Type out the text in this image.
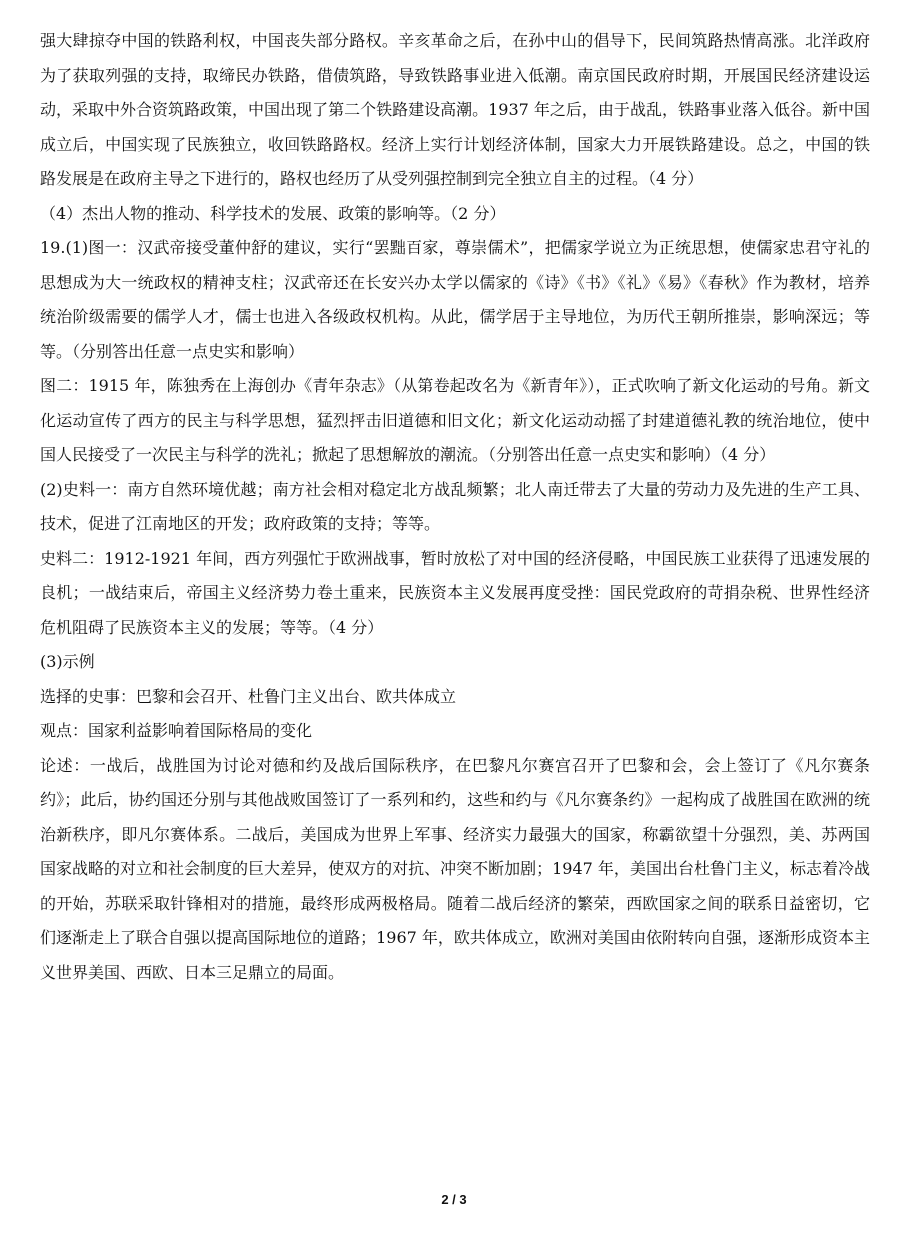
强大肆掠夺中国的铁路利权，中国丧失部分路权。辛亥革命之后，在孙中山的倡导下，民间筑路热情高涨。北洋政府为了获取列强的支持，取缔民办铁路，借债筑路，导致铁路事业进入低潮。南京国民政府时期，开展国民经济建设运动，采取中外合资筑路政策，中国出现了第二个铁路建设高潮。1937 年之后，由于战乱，铁路事业落入低谷。新中国成立后，中国实现了民族独立，收回铁路路权。经济上实行计划经济体制，国家大力开展铁路建设。总之，中国的铁路发展是在政府主导之下进行的，路权也经历了从受列强控制到完全独立自主的过程。（4 分）

（4）杰出人物的推动、科学技术的发展、政策的影响等。（2 分）

19.(1)图一：汉武帝接受董仲舒的建议，实行“罢黜百家，尊崇儒术”，把儒家学说立为正统思想，使儒家忠君守礼的思想成为大一统政权的精神支柱；汉武帝还在长安兴办太学以儒家的《诗》《书》《礼》《易》《春秋》作为教材，培养统治阶级需要的儒学人才，儒士也进入各级政权机构。从此，儒学居于主导地位，为历代王朝所推崇，影响深远；等等。（分别答出任意一点史实和影响）

图二：1915 年，陈独秀在上海创办《青年杂志》（从第卷起改名为《新青年》），正式吹响了新文化运动的号角。新文化运动宣传了西方的民主与科学思想，猛烈抨击旧道德和旧文化；新文化运动动摇了封建道德礼教的统治地位，使中国人民接受了一次民主与科学的洗礼；掀起了思想解放的潮流。（分别答出任意一点史实和影响）（4 分）

(2)史料一：南方自然环境优越；南方社会相对稳定北方战乱频繁；北人南迁带去了大量的劳动力及先进的生产工具、技术，促进了江南地区的开发；政府政策的支持；等等。

史料二：1912-1921 年间，西方列强忙于欧洲战事，暂时放松了对中国的经济侵略，中国民族工业获得了迅速发展的良机；一战结束后，帝国主义经济势力卷土重来，民族资本主义发展再度受挫：国民党政府的苛捐杂税、世界性经济危机阻碍了民族资本主义的发展；等等。（4 分）

(3)示例

选择的史事：巴黎和会召开、杜鲁门主义出台、欧共体成立

观点：国家利益影响着国际格局的变化

论述：一战后，战胜国为讨论对德和约及战后国际秩序，在巴黎凡尔赛宫召开了巴黎和会，会上签订了《凡尔赛条约》；此后，协约国还分别与其他战败国签订了一系列和约，这些和约与《凡尔赛条约》一起构成了战胜国在欧洲的统治新秩序，即凡尔赛体系。二战后，美国成为世界上军事、经济实力最强大的国家，称霸欲望十分强烈，美、苏两国国家战略的对立和社会制度的巨大差异，使双方的对抗、冲突不断加剧；1947 年，美国出台杜鲁门主义，标志着冷战的开始，苏联采取针锋相对的措施，最终形成两极格局。随着二战后经济的繁荣，西欧国家之间的联系日益密切，它们逐渐走上了联合自强以提高国际地位的道路；1967 年，欧共体成立，欧洲对美国由依附转向自强，逐渐形成资本主义世界美国、西欧、日本三足鼎立的局面。

2 / 3
